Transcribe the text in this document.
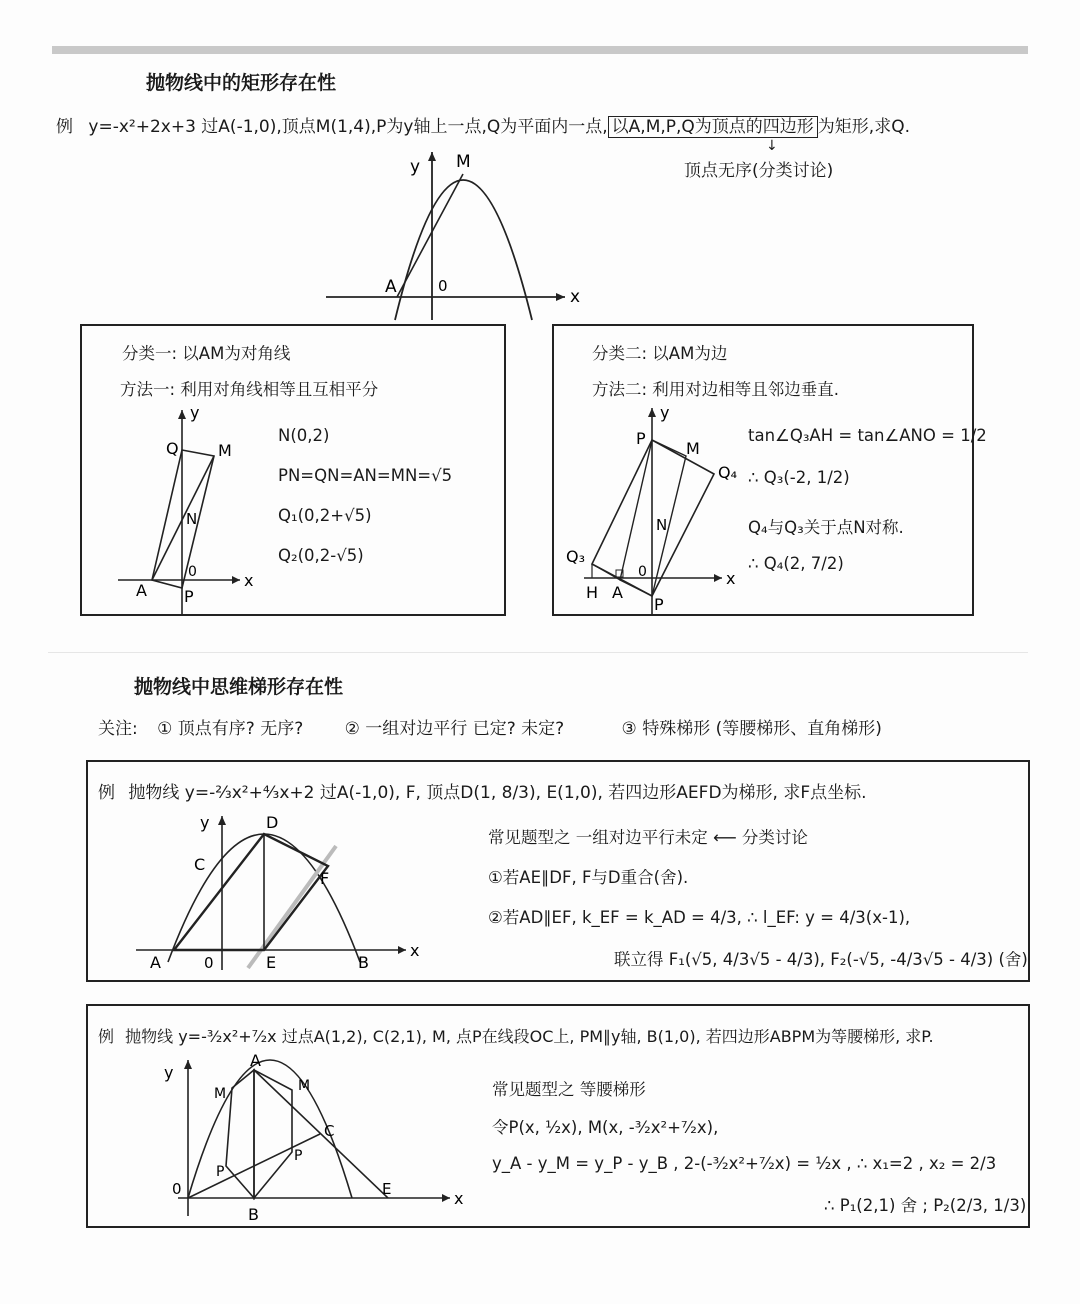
抛物线中的矩形存在性
例 y=-x²+2x+3 过A(-1,0),顶点M(1,4),P为y轴上一点,Q为平面内一点, 以A,M,P,Q为顶点的四边形 为矩形,求Q.
↓
顶点无序(分类讨论)
y M
A	0
x
分类一: 以AM为对角线
方法一: 利用对角线相等且互相平分
N(0,2)
PN=QN=AN=MN=√5
Q₁(0,2+√5)
Q₂(0,2-√5)
y
Q M
N
0
A P
x
分类二: 以AM为边
方法二: 利用对边相等且邻边垂直.
tan∠Q₃AH = tan∠ANO = 1/2
∴ Q₃(-2, 1/2)
Q₄与Q₃关于点N对称.
∴ Q₄(2, 7/2)
y
P
M
Q₄
N
Q₃
H A
0
P
x
抛物线中思维梯形存在性
关注: ① 顶点有序? 无序? ② 一组对边平行 已定? 未定?	③ 特殊梯形 (等腰梯形、直角梯形)
例 抛物线 y=-⅔x²+⁴⁄₃x+2 过A(-1,0), F, 顶点D(1, 8/3), E(1,0), 若四边形AEFD为梯形, 求F点坐标.
常见题型之 一组对边平行未定 ⟵ 分类讨论
①若AE∥DF, F与D重合(舍).
②若AD∥EF, k_EF = k_AD = 4/3, ∴ l_EF: y = 4/3(x-1),
联立得 F₁(√5, 4/3√5 - 4/3), F₂(-√5, -4/3√5 - 4/3) (舍)
y	D
C
F
A	0	E	B
x
例 抛物线 y=-³⁄₂x²+⁷⁄₂x 过点A(1,2), C(2,1), M, 点P在线段OC上, PM∥y轴, B(1,0), 若四边形ABPM为等腰梯形, 求P.
常见题型之 等腰梯形
令P(x, ½x), M(x, -³⁄₂x²+⁷⁄₂x),
y_A - y_M = y_P - y_B , 2-(-³⁄₂x²+⁷⁄₂x) = ½x , ∴ x₁=2 , x₂ = 2/3
∴ P₁(2,1) 舍 ; P₂(2/3, 1/3)
y
A
M	M
C
P
P
0
B
E	x
